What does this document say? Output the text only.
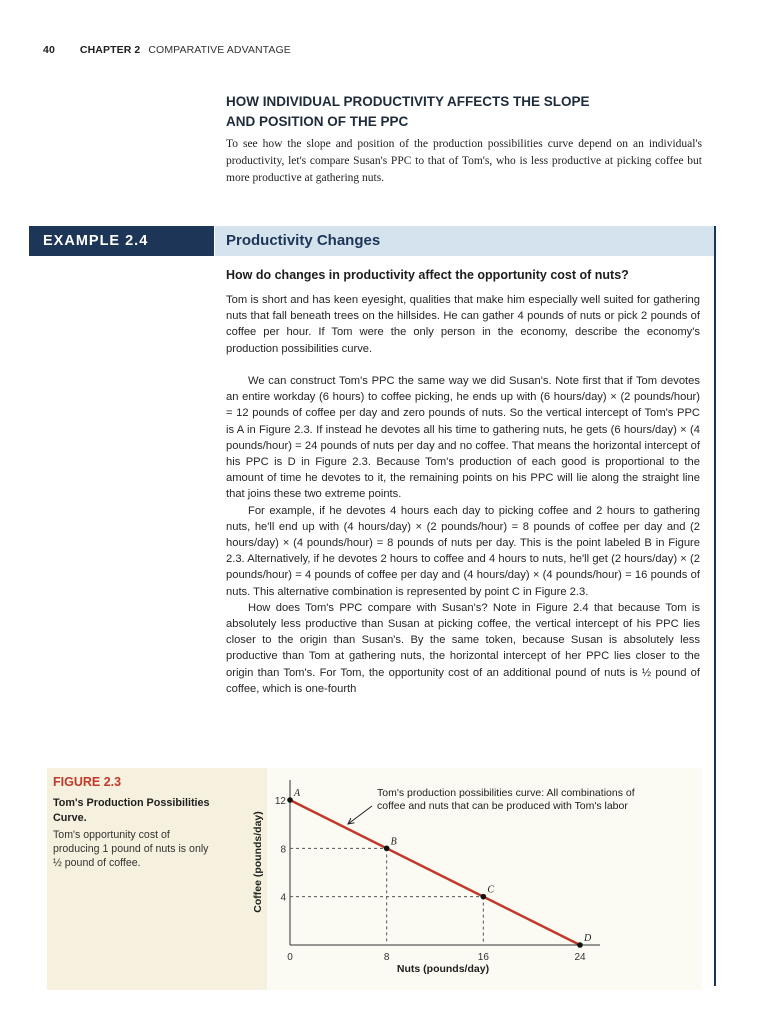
40 CHAPTER 2 COMPARATIVE ADVANTAGE
HOW INDIVIDUAL PRODUCTIVITY AFFECTS THE SLOPE
AND POSITION OF THE PPC
To see how the slope and position of the production possibilities curve depend on an individual's productivity, let's compare Susan's PPC to that of Tom's, who is less productive at picking coffee but more productive at gathering nuts.
EXAMPLE 2.4	Productivity Changes
How do changes in productivity affect the opportunity cost of nuts?

Tom is short and has keen eyesight, qualities that make him especially well suited for gathering nuts that fall beneath trees on the hillsides. He can gather 4 pounds of nuts or pick 2 pounds of coffee per hour. If Tom were the only person in the economy, describe the economy's production possibilities curve.

We can construct Tom's PPC the same way we did Susan's. Note first that if Tom devotes an entire workday (6 hours) to coffee picking, he ends up with (6 hours/day) × (2 pounds/hour) = 12 pounds of coffee per day and zero pounds of nuts. So the vertical intercept of Tom's PPC is A in Figure 2.3. If instead he devotes all his time to gathering nuts, he gets (6 hours/day) × (4 pounds/hour) = 24 pounds of nuts per day and no coffee. That means the horizontal intercept of his PPC is D in Figure 2.3. Because Tom's production of each good is proportional to the amount of time he devotes to it, the remaining points on his PPC will lie along the straight line that joins these two extreme points.

For example, if he devotes 4 hours each day to picking coffee and 2 hours to gathering nuts, he'll end up with (4 hours/day) × (2 pounds/hour) = 8 pounds of coffee per day and (2 hours/day) × (4 pounds/hour) = 8 pounds of nuts per day. This is the point labeled B in Figure 2.3. Alternatively, if he devotes 2 hours to coffee and 4 hours to nuts, he'll get (2 hours/day) × (2 pounds/hour) = 4 pounds of coffee per day and (4 hours/day) × (4 pounds/hour) = 16 pounds of nuts. This alternative combination is represented by point C in Figure 2.3.

How does Tom's PPC compare with Susan's? Note in Figure 2.4 that because Tom is absolutely less productive than Susan at picking coffee, the vertical intercept of his PPC lies closer to the origin than Susan's. By the same token, because Susan is absolutely less productive than Tom at gathering nuts, the horizontal intercept of her PPC lies closer to the origin than Tom's. For Tom, the opportunity cost of an additional pound of nuts is ½ pound of coffee, which is one-fourth

FIGURE 2.3
Tom's Production Possibilities Curve.
Tom's opportunity cost of producing 1 pound of nuts is only ½ pound of coffee.
A
B
C
D
0	8	16	24
4
8
12
Nuts (pounds/day)
Coffee (pounds/day)
Tom's production possibilities curve: All combinations of
coffee and nuts that can be produced with Tom's labor
